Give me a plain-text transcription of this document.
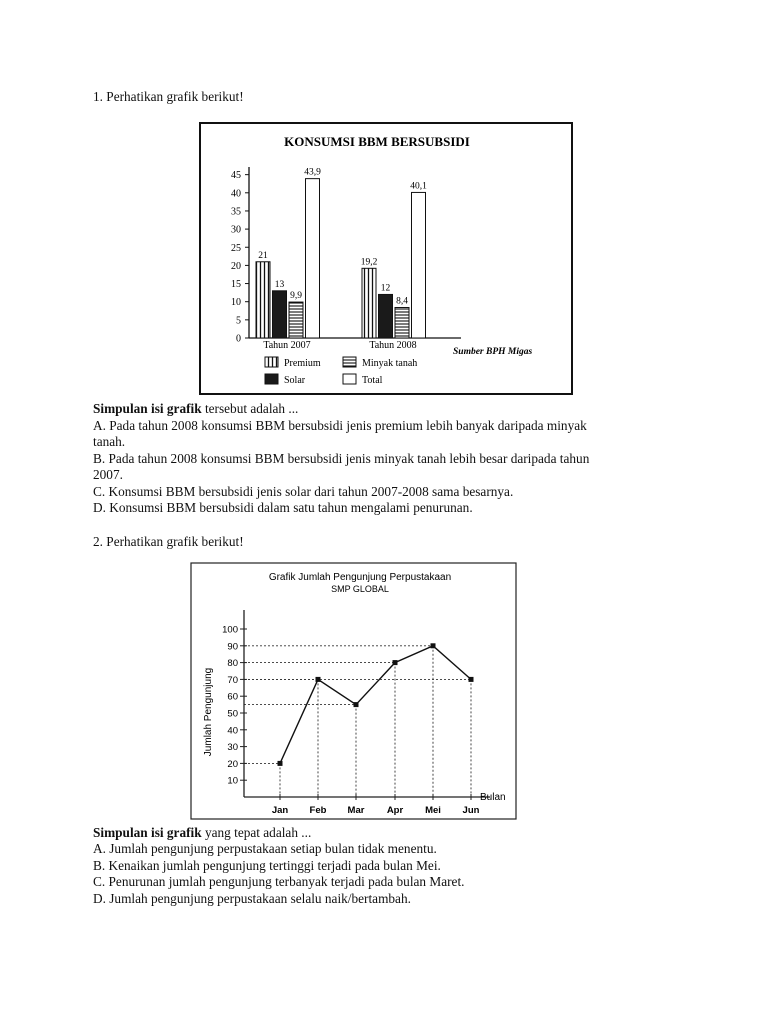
1. Perhatikan grafik berikut!
KONSUMSI BBM BERSUBSIDI
0
5
10
15
20
25
30
35
40
45
21
13
9,9
43,9
Tahun 2007
19,2
12
8,4
40,1
Tahun 2008
Premium
Solar
Minyak tanah
Total
Sumber BPH Migas
Simpulan isi grafik tersebut adalah ...
A. Pada tahun 2008 konsumsi BBM bersubsidi jenis premium lebih banyak daripada minyak
tanah.
B. Pada tahun 2008 konsumsi BBM bersubsidi jenis minyak tanah lebih besar daripada tahun
2007.
C. Konsumsi BBM bersubsidi jenis solar dari tahun 2007-2008 sama besarnya.
D. Konsumsi BBM bersubsidi dalam satu tahun mengalami penurunan.
2. Perhatikan grafik berikut!
Grafik Jumlah Pengunjung Perpustakaan
SMP GLOBAL
Jumlah Pengunjung
10
20
30
40
50
60
70
80
90
100
Jan Feb Mar Apr Mei Jun
Bulan
Simpulan isi grafik yang tepat adalah ...
A. Jumlah pengunjung perpustakaan setiap bulan tidak menentu.
B. Kenaikan jumlah pengunjung tertinggi terjadi pada bulan Mei.
C. Penurunan jumlah pengunjung terbanyak terjadi pada bulan Maret.
D. Jumlah pengunjung perpustakaan selalu naik/bertambah.
